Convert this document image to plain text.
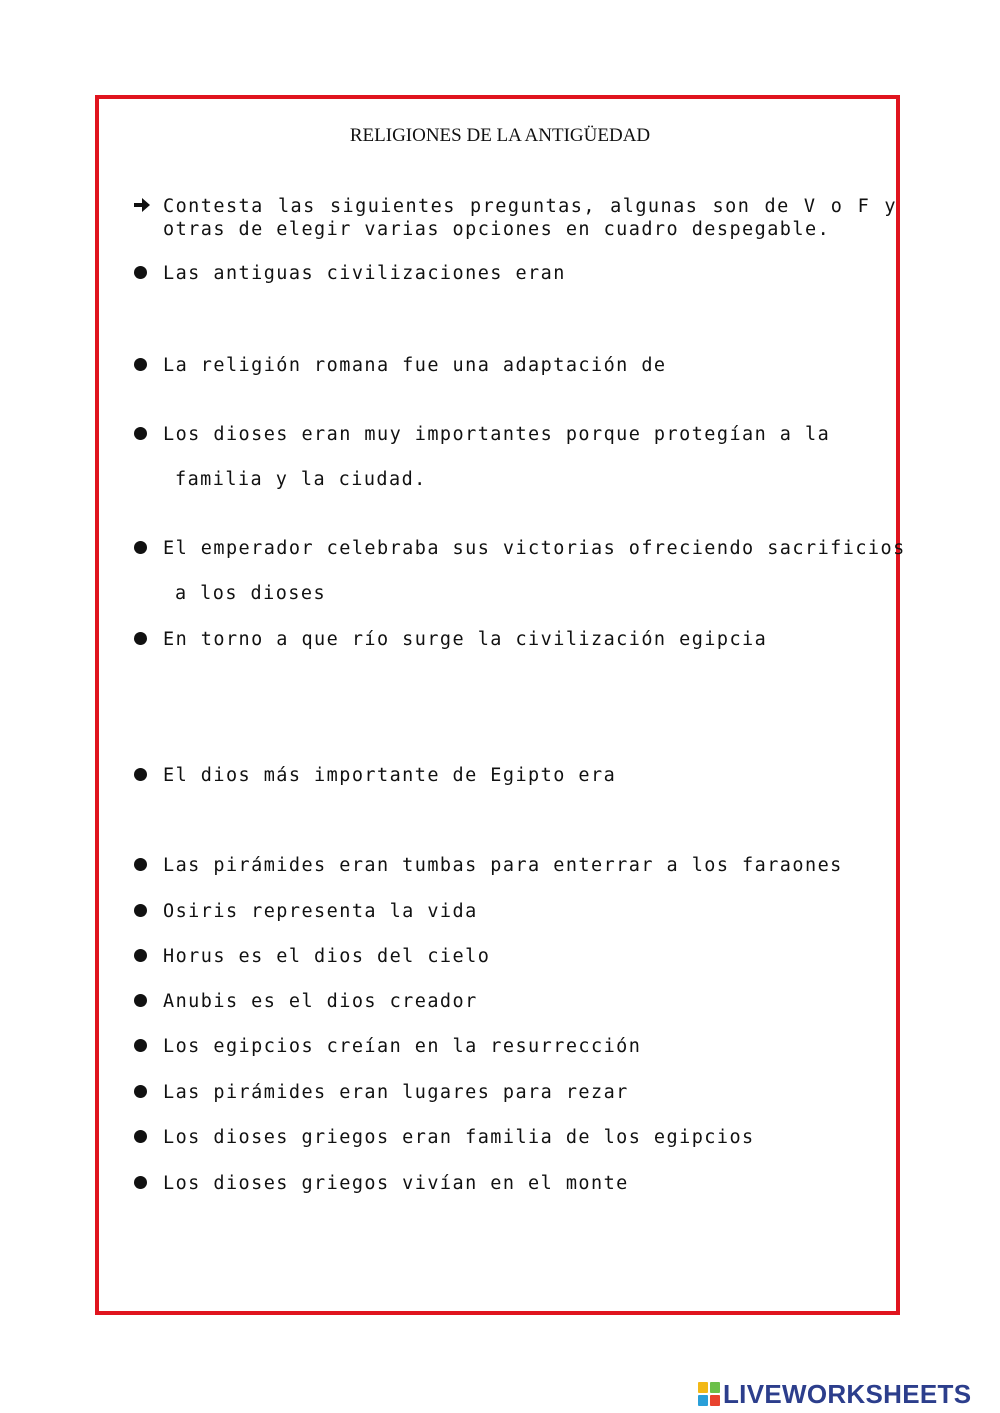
RELIGIONES DE LA ANTIGÜEDAD
Contesta las siguientes preguntas, algunas son de V o F y otras de elegir varias opciones en cuadro despegable.
Las antiguas civilizaciones eran
La religión romana fue una adaptación de
Los dioses eran muy importantes porque protegían a la
familia y la ciudad.
El emperador celebraba sus victorias ofreciendo sacrificios
a los dioses
En torno a que río surge la civilización egipcia
El dios más importante de Egipto era
Las pirámides eran tumbas para enterrar a los faraones
Osiris representa la vida
Horus es el dios del cielo
Anubis es el dios creador
Los egipcios creían en la resurrección
Las pirámides eran lugares para rezar
Los dioses griegos eran familia de los egipcios
Los dioses griegos vivían en el monte
LIVEWORKSHEETS
